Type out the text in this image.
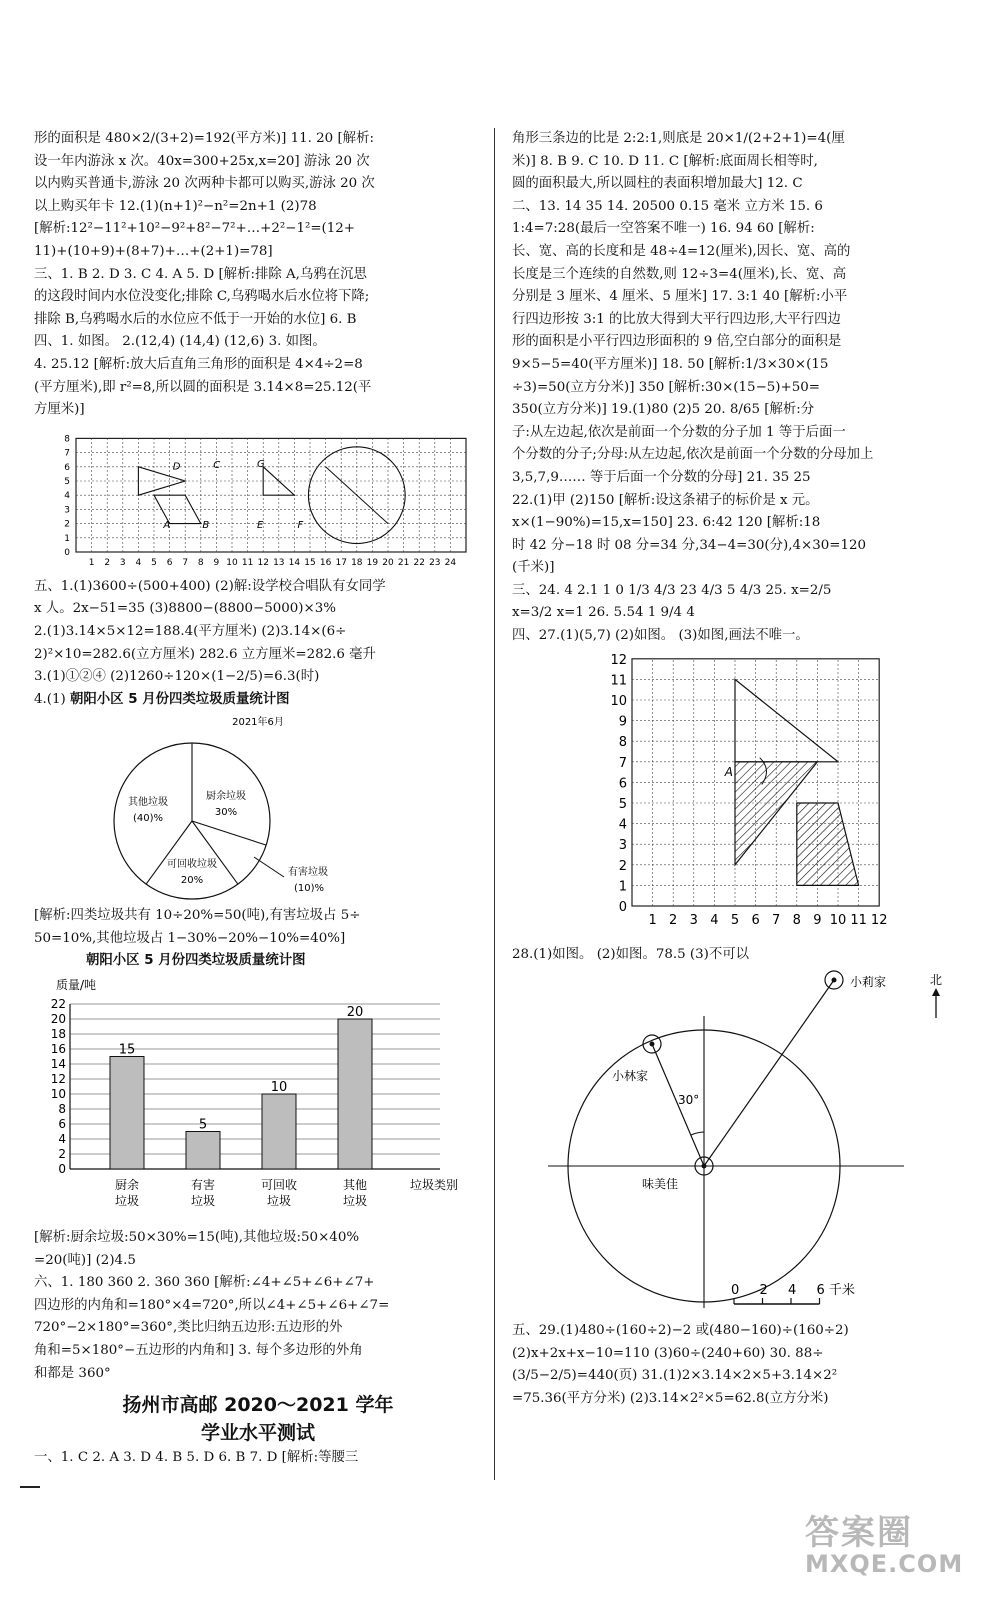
形的面积是 480×2/(3+2)=192(平方米)] 11. 20 [解析:
设一年内游泳 x 次。40x=300+25x,x=20] 游泳 20 次
以内购买普通卡,游泳 20 次两种卡都可以购买,游泳 20 次
以上购买年卡 12.(1)(n+1)²−n²=2n+1 (2)78
[解析:12²−11²+10²−9²+8²−7²+…+2²−1²=(12+
11)+(10+9)+(8+7)+…+(2+1)=78]
三、1. B 2. D 3. C 4. A 5. D [解析:排除 A,乌鸦在沉思
的这段时间内水位没变化;排除 C,乌鸦喝水后水位将下降;
排除 B,乌鸦喝水后的水位应不低于一开始的水位] 6. B
四、1. 如图。 2.(12,4) (14,4) (12,6) 3. 如图。
4. 25.12 [解析:放大后直角三角形的面积是 4×4÷2=8
(平方厘米),即 r²=8,所以圆的面积是 3.14×8=25.12(平
方厘米)]
1 2 3 4 5 6 7 8 9 10 11 12 13 14 15 16 17 18 19 20 21 22 23 24
0
1
2
3
4
5
6
7
8
A	B
C
D
E	F
G
五、1.(1)3600÷(500+400) (2)解:设学校合唱队有女同学
x 人。2x−51=35 (3)8800−(8800−5000)×3%
2.(1)3.14×5×12=188.4(平方厘米) (2)3.14×(6÷
2)²×10=282.6(立方厘米) 282.6 立方厘米=282.6 毫升
3.(1)①②④ (2)1260÷120×(1−2/5)=6.3(时)
4.(1) 朝阳小区 5 月份四类垃圾质量统计图
2021年6月
厨余垃圾
30%
有害垃圾
(10)%
可回收垃圾
20%
其他垃圾
(40)%
[解析:四类垃圾共有 10÷20%=50(吨),有害垃圾占 5÷
50=10%,其他垃圾占 1−30%−20%−10%=40%]
朝阳小区 5 月份四类垃圾质量统计图
质量/吨
0
2
4
6
8
10
12
14
16
18
20
22
15
厨余
垃圾
5
有害
垃圾
10
可回收
垃圾
20
其他
垃圾
垃圾类别
[解析:厨余垃圾:50×30%=15(吨),其他垃圾:50×40%
=20(吨)] (2)4.5
六、1. 180 360 2. 360 360 [解析:∠4+∠5+∠6+∠7+
四边形的内角和=180°×4=720°,所以∠4+∠5+∠6+∠7=
720°−2×180°=360°,类比归纳五边形:五边形的外
角和=5×180°−五边形的内角和] 3. 每个多边形的外角
和都是 360°
扬州市高邮 2020～2021 学年
学业水平测试
一、1. C 2. A 3. D 4. B 5. D 6. B 7. D [解析:等腰三
角形三条边的比是 2:2:1,则底是 20×1/(2+2+1)=4(厘
米)] 8. B 9. C 10. D 11. C [解析:底面周长相等时,
圆的面积最大,所以圆柱的表面积增加最大] 12. C
二、13. 14 35 14. 20500 0.15 毫米 立方米 15. 6
1:4=7:28(最后一空答案不唯一) 16. 94 60 [解析:
长、宽、高的长度和是 48÷4=12(厘米),因长、宽、高的
长度是三个连续的自然数,则 12÷3=4(厘米),长、宽、高
分别是 3 厘米、4 厘米、5 厘米] 17. 3:1 40 [解析:小平
行四边形按 3:1 的比放大得到大平行四边形,大平行四边
形的面积是小平行四边形面积的 9 倍,空白部分的面积是
9×5−5=40(平方厘米)] 18. 50 [解析:1/3×30×(15
÷3)=50(立方分米)] 350 [解析:30×(15−5)+50=
350(立方分米)] 19.(1)80 (2)5 20. 8/65 [解析:分
子:从左边起,依次是前面一个分数的分子加 1 等于后面一
个分数的分子;分母:从左边起,依次是前面一个分数的分母加上
3,5,7,9…… 等于后面一个分数的分母] 21. 35 25
22.(1)甲 (2)150 [解析:设这条裙子的标价是 x 元。
x×(1−90%)=15,x=150] 23. 6:42 120 [解析:18
时 42 分−18 时 08 分=34 分,34−4=30(分),4×30=120
(千米)]
三、24. 4 2.1 1 0 1/3 4/3 23 4/3 5 4/3 25. x=2/5
x=3/2 x=1 26. 5.54 1 9/4 4
四、27.(1)(5,7) (2)如图。 (3)如图,画法不唯一。
1 2 3 4 5 6 7 8 9 10 11 12
0
1
2
3
4
5
6
7
8
9
10
11
12
A
28.(1)如图。 (2)如图。78.5 (3)不可以
味美佳
小林家
30°
小莉家	北
0 2 4 6 千米
五、29.(1)480÷(160÷2)−2 或(480−160)÷(160÷2)
(2)x+2x+x−10=110 (3)60÷(240+60) 30. 88÷
(3/5−2/5)=440(页) 31.(1)2×3.14×2×5+3.14×2²
=75.36(平方分米) (2)3.14×2²×5=62.8(立方分米)
答案圈
MXQE.COM
